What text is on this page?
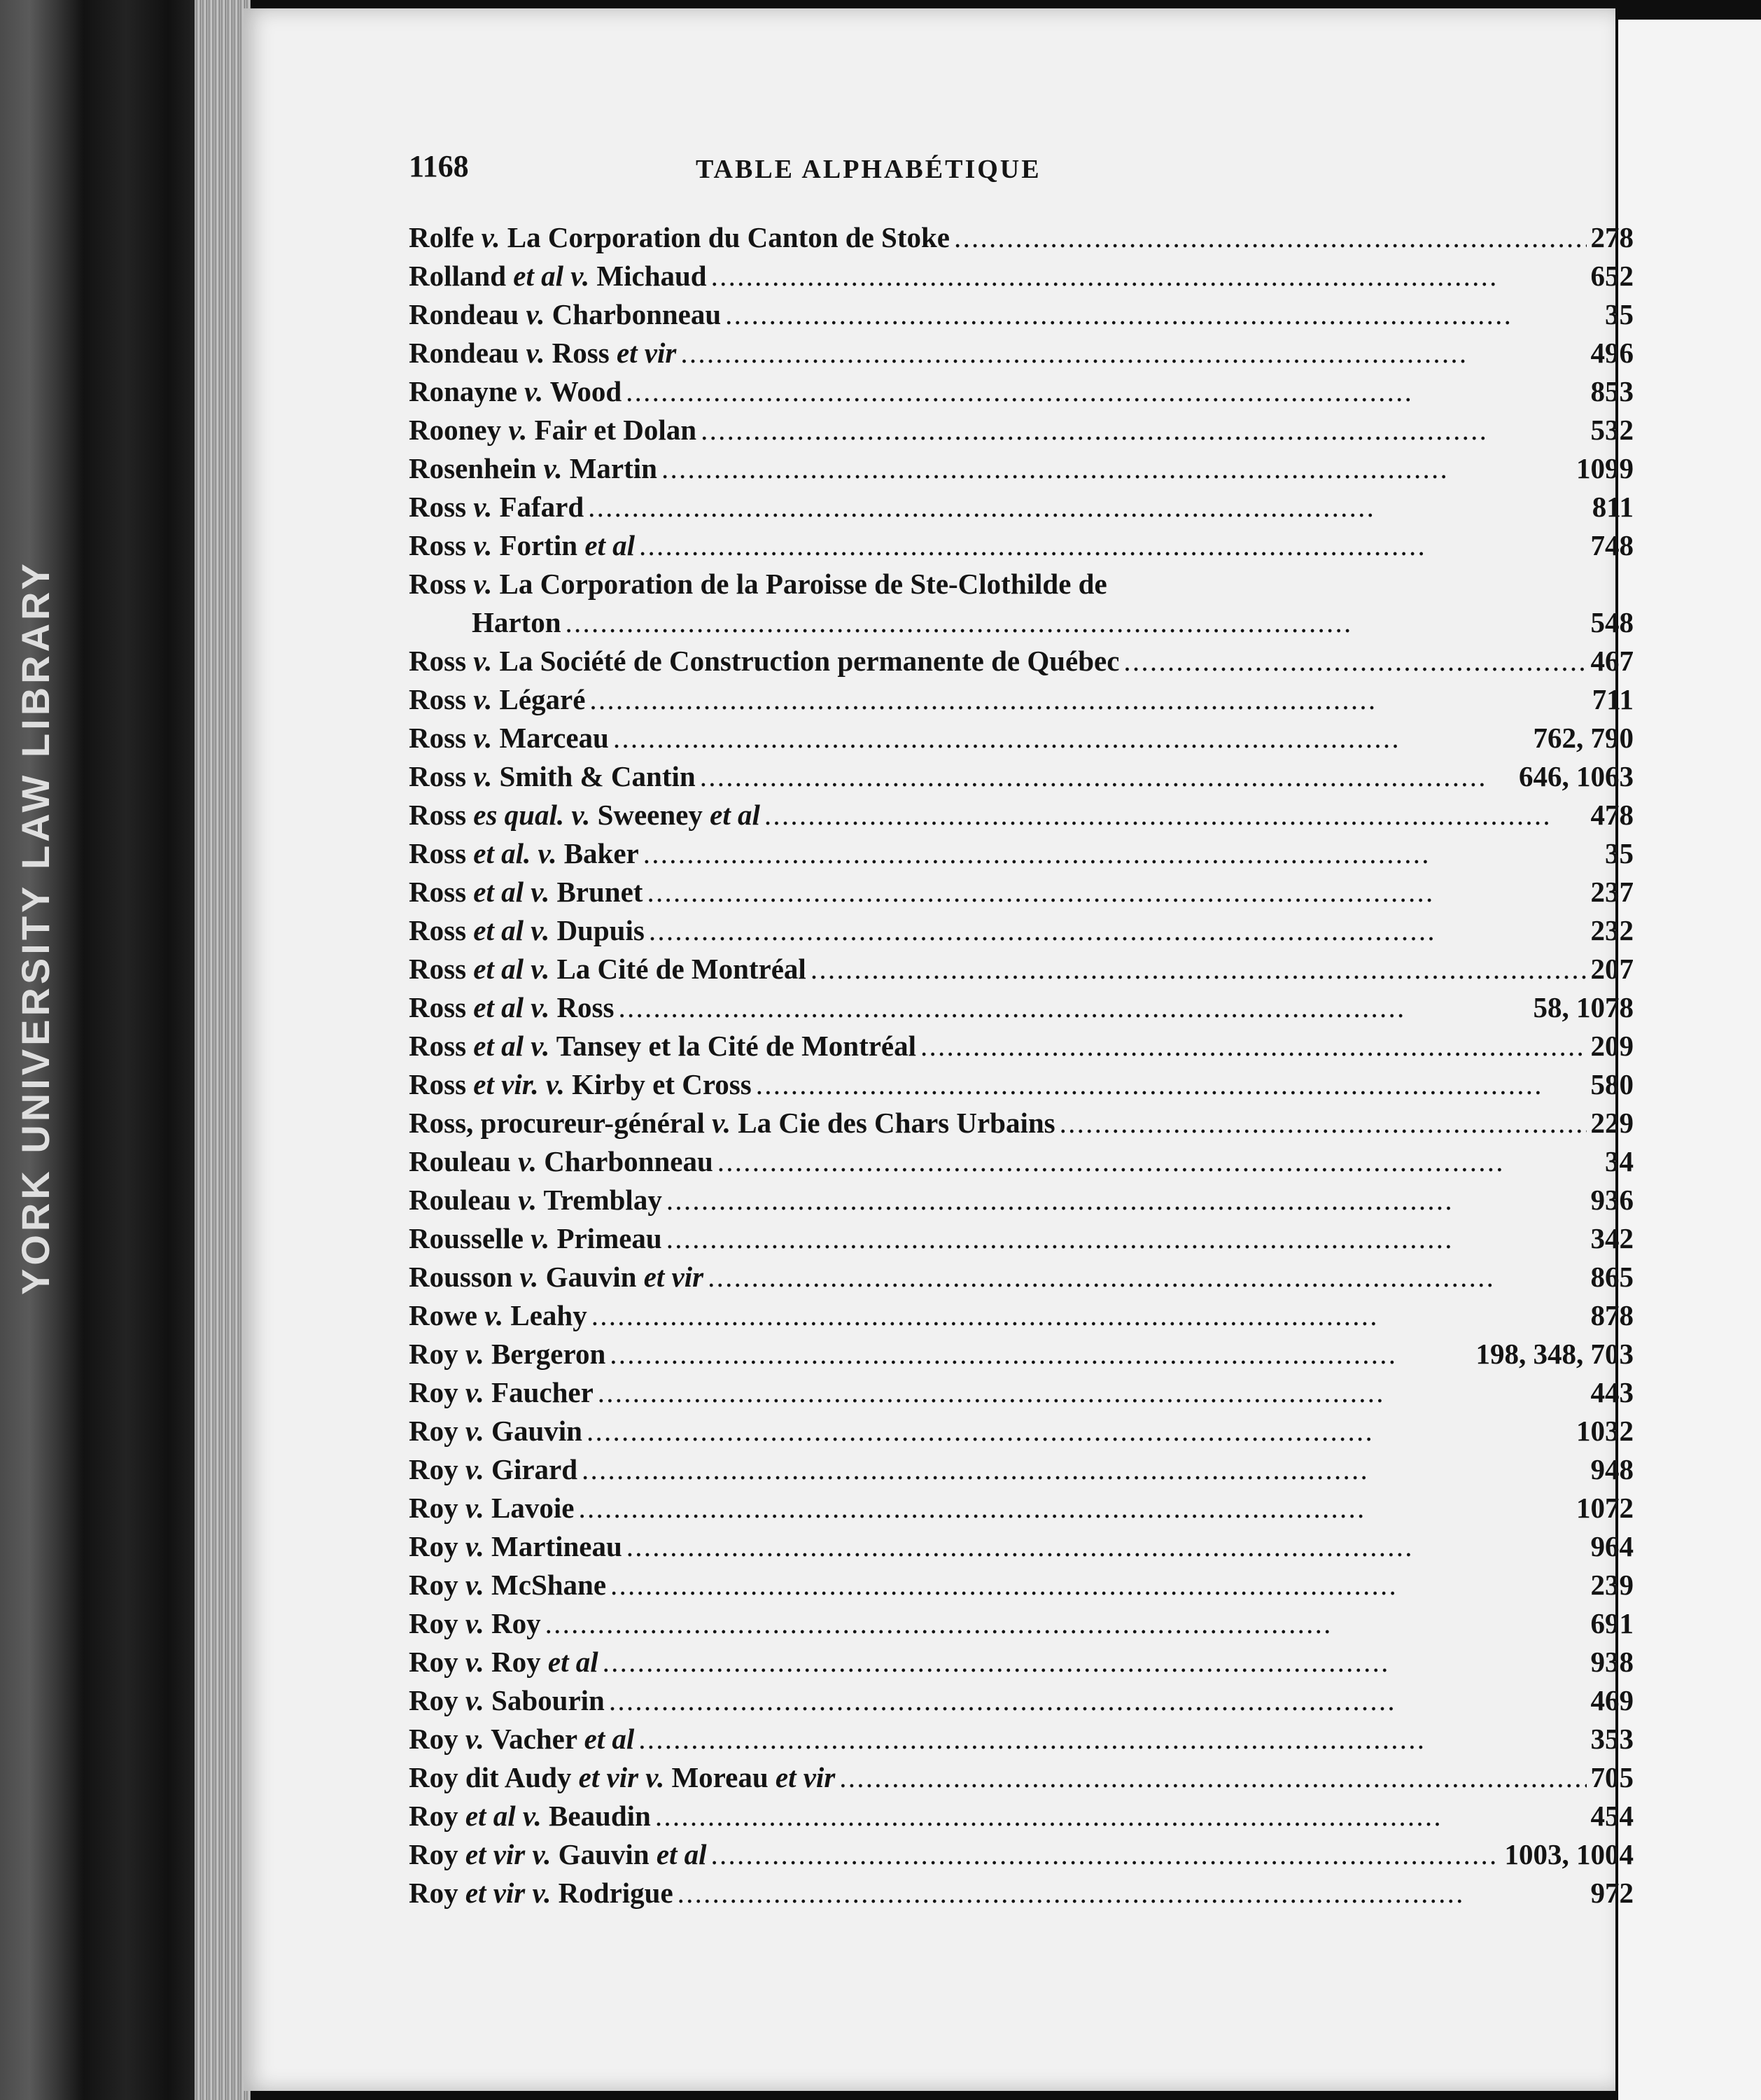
YORK UNIVERSITY LAW LIBRARY
1168	TABLE ALPHABÉTIQUE
Rolfe v. La Corporation du Canton de Stoke . . .	278
Rolland et al v. Michaud . . .	652
Rondeau v. Charbonneau . . .	35
Rondeau v. Ross et vir . . .	496
Ronayne v. Wood . . .	853
Rooney v. Fair et Dolan . . .	532
Rosenhein v. Martin . . .	1099
Ross v. Fafard . . .	811
Ross v. Fortin et al . . .	748
Ross v. La Corporation de la Paroisse de Ste-Clothilde de
Harton . . .	548
Ross v. La Société de Construction permanente de Québec . . .	467
Ross v. Légaré . . .	711
Ross v. Marceau . . .	762, 790
Ross v. Smith & Cantin . . .	646, 1063
Ross es qual. v. Sweeney et al . . .	478
Ross et al. v. Baker . . .	35
Ross et al v. Brunet . . .	237
Ross et al v. Dupuis . . .	232
Ross et al v. La Cité de Montréal . . .	207
Ross et al v. Ross . . .	58, 1078
Ross et al v. Tansey et la Cité de Montréal . . .	209
Ross et vir. v. Kirby et Cross . . .	580
Ross, procureur-général v. La Cie des Chars Urbains . . .	229
Rouleau v. Charbonneau . . .	34
Rouleau v. Tremblay . . .	936
Rousselle v. Primeau . . .	342
Rousson v. Gauvin et vir . . .	865
Rowe v. Leahy . . .	878
Roy v. Bergeron . . .	198, 348, 703
Roy v. Faucher . . .	443
Roy v. Gauvin . . .	1032
Roy v. Girard . . .	948
Roy v. Lavoie . . .	1072
Roy v. Martineau . . .	964
Roy v. McShane . . .	239
Roy v. Roy . . .	691
Roy v. Roy et al . . .	938
Roy v. Sabourin . . .	469
Roy v. Vacher et al . . .	353
Roy dit Audy et vir v. Moreau et vir . . .	705
Roy et al v. Beaudin . . .	454
Roy et vir v. Gauvin et al . . .	1003, 1004
Roy et vir v. Rodrigue . . .	972
